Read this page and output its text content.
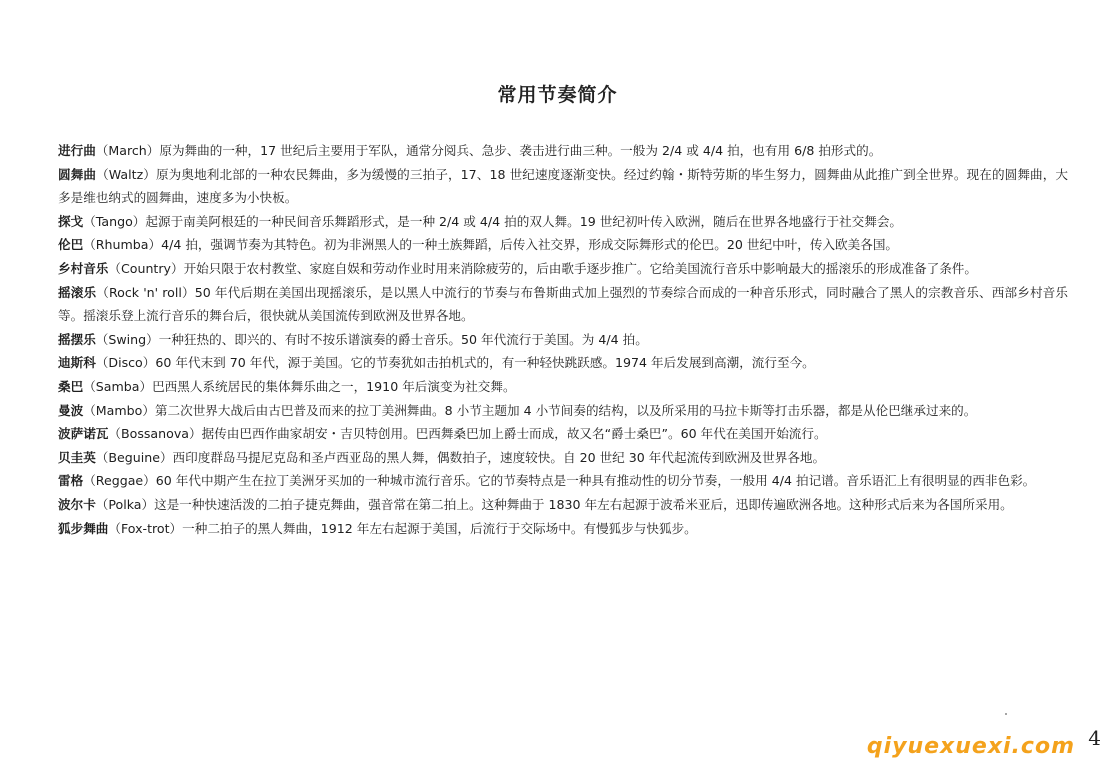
常用节奏简介

进行曲（March）原为舞曲的一种，17 世纪后主要用于军队，通常分阅兵、急步、袭击进行曲三种。一般为 2/4 或 4/4 拍，也有用 6/8 拍形式的。

圆舞曲（Waltz）原为奥地利北部的一种农民舞曲，多为缓慢的三拍子，17、18 世纪速度逐渐变快。经过约翰・斯特劳斯的毕生努力，圆舞曲从此推广到全世界。现在的圆舞曲，大多是维也纳式的圆舞曲，速度多为小快板。

探戈（Tango）起源于南美阿根廷的一种民间音乐舞蹈形式，是一种 2/4 或 4/4 拍的双人舞。19 世纪初叶传入欧洲，随后在世界各地盛行于社交舞会。

伦巴（Rhumba）4/4 拍，强调节奏为其特色。初为非洲黑人的一种土族舞蹈，后传入社交界，形成交际舞形式的伦巴。20 世纪中叶，传入欧美各国。

乡村音乐（Country）开始只限于农村教堂、家庭自娱和劳动作业时用来消除疲劳的，后由歌手逐步推广。它给美国流行音乐中影响最大的摇滚乐的形成准备了条件。

摇滚乐（Rock 'n' roll）50 年代后期在美国出现摇滚乐，是以黑人中流行的节奏与布鲁斯曲式加上强烈的节奏综合而成的一种音乐形式，同时融合了黑人的宗教音乐、西部乡村音乐等。摇滚乐登上流行音乐的舞台后，很快就从美国流传到欧洲及世界各地。

摇摆乐（Swing）一种狂热的、即兴的、有时不按乐谱演奏的爵士音乐。50 年代流行于美国。为 4/4 拍。

迪斯科（Disco）60 年代末到 70 年代，源于美国。它的节奏犹如击拍机式的，有一种轻快跳跃感。1974 年后发展到高潮，流行至今。

桑巴（Samba）巴西黑人系统居民的集体舞乐曲之一，1910 年后演变为社交舞。

曼波（Mambo）第二次世界大战后由古巴普及而来的拉丁美洲舞曲。8 小节主题加 4 小节间奏的结构，以及所采用的马拉卡斯等打击乐器，都是从伦巴继承过来的。

波萨诺瓦（Bossanova）据传由巴西作曲家胡安・吉贝特创用。巴西舞桑巴加上爵士而成，故又名“爵士桑巴”。60 年代在美国开始流行。

贝圭英（Beguine）西印度群岛马提尼克岛和圣卢西亚岛的黑人舞，偶数拍子，速度较快。自 20 世纪 30 年代起流传到欧洲及世界各地。

雷格（Reggae）60 年代中期产生在拉丁美洲牙买加的一种城市流行音乐。它的节奏特点是一种具有推动性的切分节奏，一般用 4/4 拍记谱。音乐语汇上有很明显的西非色彩。

波尔卡（Polka）这是一种快速活泼的二拍子捷克舞曲，强音常在第二拍上。这种舞曲于 1830 年左右起源于波希米亚后，迅即传遍欧洲各地。这种形式后来为各国所采用。

狐步舞曲（Fox-trot）一种二拍子的黑人舞曲，1912 年左右起源于美国，后流行于交际场中。有慢狐步与快狐步。

qiyuexuexi.com 4
